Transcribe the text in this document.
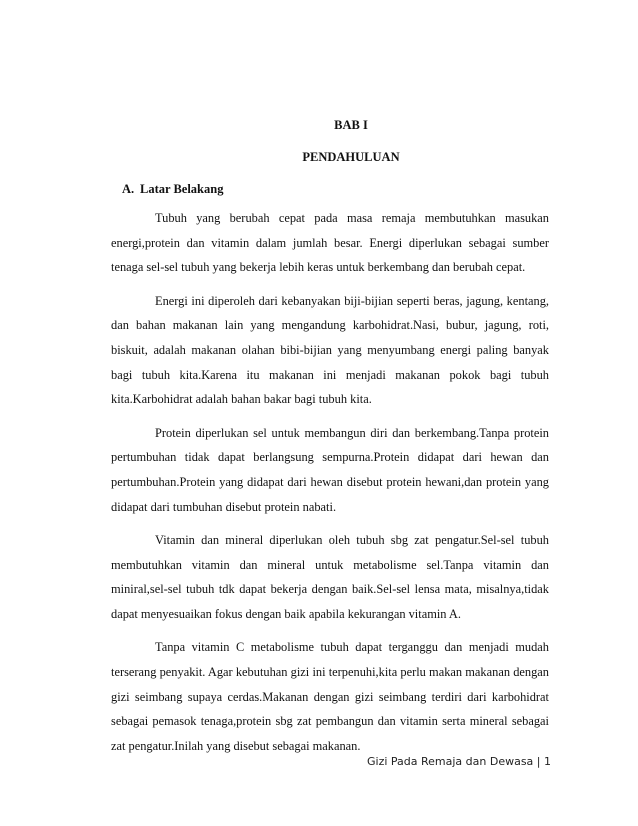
BAB I
PENDAHULUAN
A. Latar Belakang

Tubuh yang berubah cepat pada masa remaja membutuhkan masukan energi,protein dan vitamin dalam jumlah besar. Energi diperlukan sebagai sumber tenaga sel-sel tubuh yang bekerja lebih keras untuk berkembang dan berubah cepat.

Energi ini diperoleh dari kebanyakan biji-bijian seperti beras, jagung, kentang, dan bahan makanan lain yang mengandung karbohidrat.Nasi, bubur, jagung, roti, biskuit, adalah makanan olahan bibi-bijian yang menyumbang energi paling banyak bagi tubuh kita.Karena itu makanan ini menjadi makanan pokok bagi tubuh kita.Karbohidrat adalah bahan bakar bagi tubuh kita.

Protein diperlukan sel untuk membangun diri dan berkembang.Tanpa protein pertumbuhan tidak dapat berlangsung sempurna.Protein didapat dari hewan dan pertumbuhan.Protein yang didapat dari hewan disebut protein hewani,dan protein yang didapat dari tumbuhan disebut protein nabati.

Vitamin dan mineral diperlukan oleh tubuh sbg zat pengatur.Sel-sel tubuh membutuhkan vitamin dan mineral untuk metabolisme sel.Tanpa vitamin dan miniral,sel-sel tubuh tdk dapat bekerja dengan baik.Sel-sel lensa mata, misalnya,tidak dapat menyesuaikan fokus dengan baik apabila kekurangan vitamin A.

Tanpa vitamin C metabolisme tubuh dapat terganggu dan menjadi mudah terserang penyakit. Agar kebutuhan gizi ini terpenuhi,kita perlu makan makanan dengan gizi seimbang supaya cerdas.Makanan dengan gizi seimbang terdiri dari karbohidrat sebagai pemasok tenaga,protein sbg zat pembangun dan vitamin serta mineral sebagai zat pengatur.Inilah yang disebut sebagai makanan.

Gizi Pada Remaja dan Dewasa | 1
